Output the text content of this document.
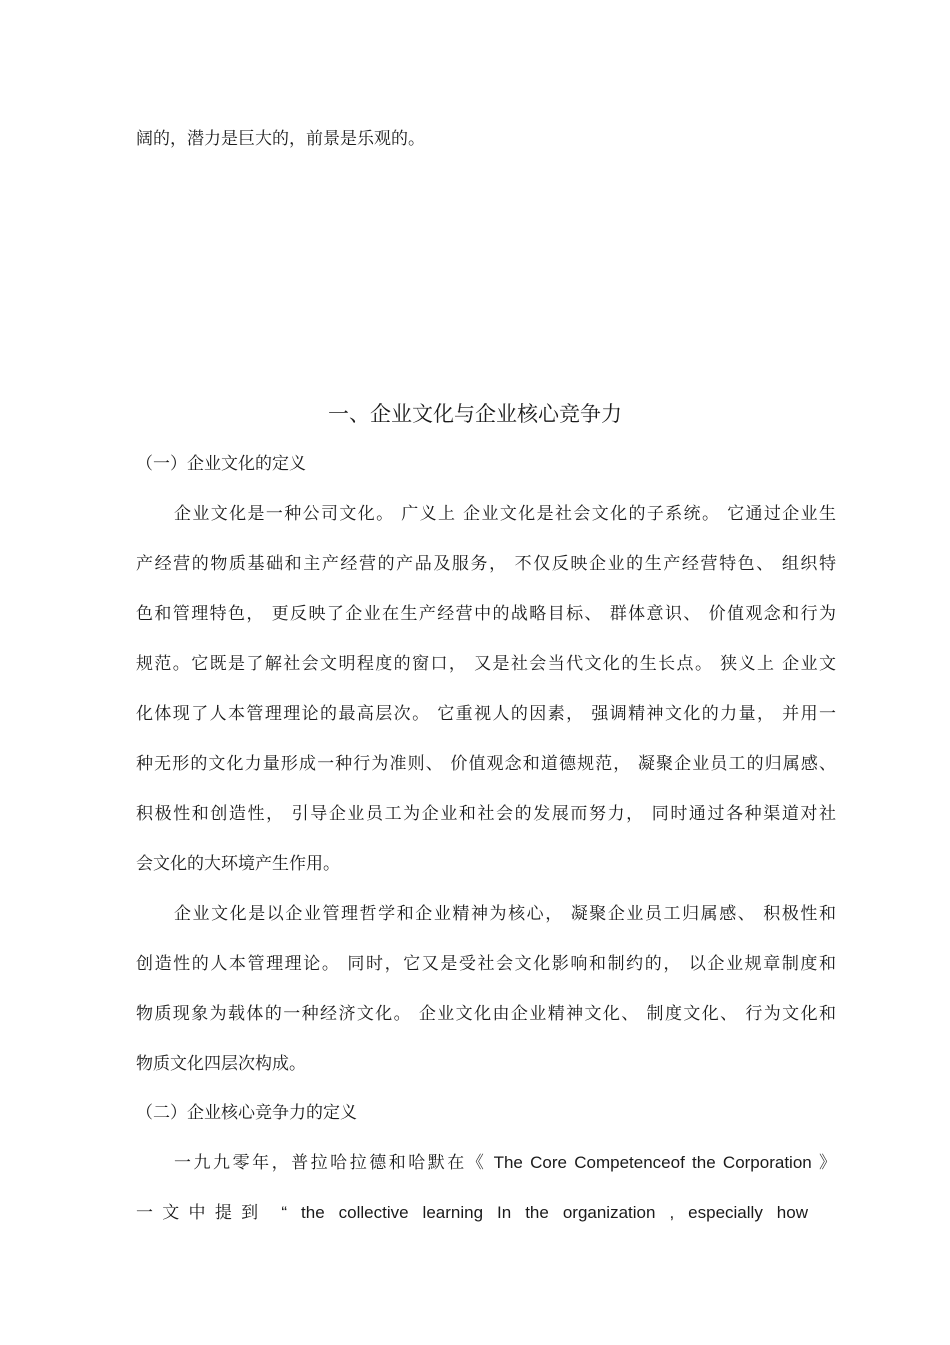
阔的，潜力是巨大的，前景是乐观的。
一、企业文化与企业核心竞争力
（一）企业文化的定义
企业文化是一种公司文化。 广义上 企业文化是社会文化的子系统。 它通过企业生
产经营的物质基础和主产经营的产品及服务， 不仅反映企业的生产经营特色、 组织特
色和管理特色， 更反映了企业在生产经营中的战略目标、 群体意识、 价值观念和行为
规范。它既是了解社会文明程度的窗口， 又是社会当代文化的生长点。 狭义上 企业文
化体现了人本管理理论的最高层次。 它重视人的因素， 强调精神文化的力量， 并用一
种无形的文化力量形成一种行为准则、 价值观念和道德规范， 凝聚企业员工的归属感、
积极性和创造性， 引导企业员工为企业和社会的发展而努力， 同时通过各种渠道对社
会文化的大环境产生作用。
企业文化是以企业管理哲学和企业精神为核心， 凝聚企业员工归属感、 积极性和
创造性的人本管理理论。 同时，它又是受社会文化影响和制约的， 以企业规章制度和
物质现象为载体的一种经济文化。 企业文化由企业精神文化、 制度文化、 行为文化和
物质文化四层次构成。
（二）企业核心竞争力的定义
一九九零年，普拉哈拉德和哈默在《 The Core Competenceof the Corporation 》
一文中提到 “ the collective learning In the organization , especially how
